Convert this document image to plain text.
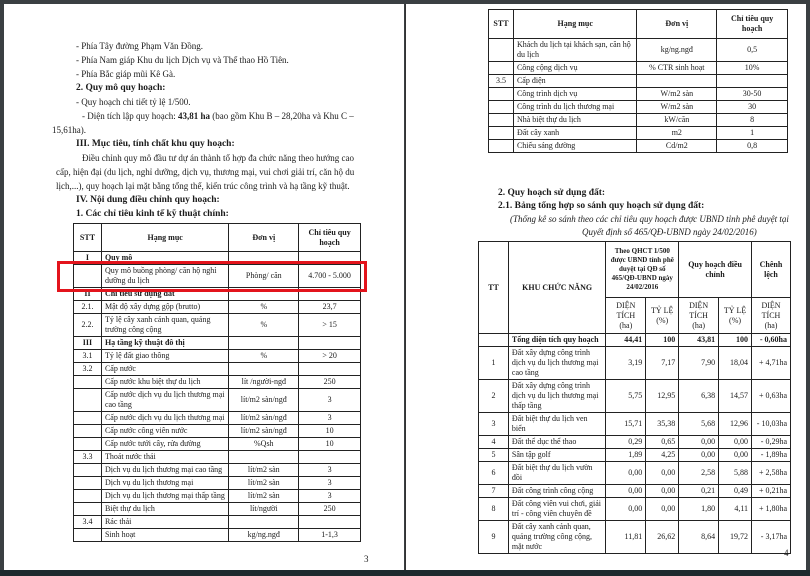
- Phía Tây đường Phạm Văn Đồng.
- Phía Nam giáp Khu du lịch Dịch vụ và Thể thao Hồ Tiên.
- Phía Bắc giáp mũi Kê Gà.
2. Quy mô quy hoạch:
- Quy hoạch chi tiết tỷ lệ 1/500.
- Diện tích lập quy hoạch: 43,81 ha (bao gồm Khu B – 28,20ha và Khu C –
15,61ha).
III. Mục tiêu, tính chất khu quy hoạch:
Điều chỉnh quy mô đầu tư dự án thành tổ hợp đa chức năng theo hướng cao
cấp, hiện đại (du lịch, nghỉ dưỡng, dịch vụ, thương mại, vui chơi giải trí, căn hộ du
lịch,...), quy hoạch lại mặt bằng tổng thể, kiến trúc công trình và hạ tầng kỹ thuật.
IV. Nội dung điều chỉnh quy hoạch:
1. Các chỉ tiêu kinh tế kỹ thuật chính:
STT	Hạng mục	Đơn vị	Chỉ tiêu quy hoạch
I	Quy mô		
	Quy mô buồng phòng/ căn hộ nghỉ dưỡng du lịch	Phòng/ căn	4.700 - 5.000
II	Chỉ tiêu sử dụng đất		
2.1.	Mật độ xây dựng gộp (brutto)	%	23,7
2.2.	Tỷ lệ cây xanh cảnh quan, quảng trường công cộng	%	> 15
III	Hạ tầng kỹ thuật đô thị		
3.1	Tỷ lệ đất giao thông	%	> 20
3.2	Cấp nước		
	Cấp nước khu biệt thự du lịch	lít /người-ngđ	250
	Cấp nước dịch vụ du lịch thương mại cao tầng	lít/m2 sàn/ngđ	3
	Cấp nước dịch vụ du lịch thương mại	lít/m2 sàn/ngđ	3
	Cấp nước công viên nước	lít/m2 sàn/ngđ	10
	Cấp nước tưới cây, rửa đường	%Qsh	10
3.3	Thoát nước thải		
	Dịch vụ du lịch thương mại cao tầng	lít/m2 sàn	3
	Dịch vụ du lịch thương mại	lít/m2 sàn	3
	Dịch vụ du lịch thương mại thấp tầng	lít/m2 sàn	3
	Biệt thự du lịch	lít/người	250
3.4	Rác thải		
	Sinh hoạt	kg/ng.ngđ	1-1,3
3
STT	Hạng mục	Đơn vị	Chỉ tiêu quy hoạch
	Khách du lịch tại khách sạn, căn hộ du lịch	kg/ng.ngđ	0,5
	Công cộng dịch vụ	% CTR sinh hoạt	10%
3.5	Cấp điện		
	Công trình dịch vụ	W/m2 sàn	30-50
	Công trình du lịch thương mại	W/m2 sàn	30
	Nhà biệt thự du lịch	kW/căn	8
	Đất cây xanh	m2	1
	Chiếu sáng đường	Cd/m2	0,8
2. Quy hoạch sử dụng đất:
2.1. Bảng tổng hợp so sánh quy hoạch sử dụng đất:
(Thống kê so sánh theo các chỉ tiêu quy hoạch được UBND tỉnh phê duyệt tại
Quyết định số 465/QĐ-UBND ngày 24/02/2016)
TT	KHU CHỨC NĂNG	Theo QHCT 1/500 được UBND tỉnh phê duyệt tại QĐ số 465/QĐ-UBND ngày 24/02/2016		Quy hoạch điều chỉnh		Chênh lệch
		DIỆN TÍCH (ha)	TỶ LỆ (%)	DIỆN TÍCH (ha)	TỶ LỆ (%)	DIỆN TÍCH (ha)
	Tổng diện tích quy hoạch	44,41	100	43,81	100	- 0,60ha
1	Đất xây dựng công trình dịch vụ du lịch thương mại cao tầng	3,19	7,17	7,90	18,04	+ 4,71ha
2	Đất xây dựng công trình dịch vụ du lịch thương mại thấp tầng	5,75	12,95	6,38	14,57	+ 0,63ha
3	Đất biệt thự du lịch ven biển	15,71	35,38	5,68	12,96	- 10,03ha
4	Đất thể dục thể thao	0,29	0,65	0,00	0,00	- 0,29ha
5	Sân tập golf	1,89	4,25	0,00	0,00	- 1,89ha
6	Đất biệt thự du lịch vườn đồi	0,00	0,00	2,58	5,88	+ 2,58ha
7	Đất công trình công cộng	0,00	0,00	0,21	0,49	+ 0,21ha
8	Đất công viên vui chơi, giải trí - công viên chuyên đề	0,00	0,00	1,80	4,11	+ 1,80ha
9	Đất cây xanh cảnh quan, quảng trường công cộng, mặt nước	11,81	26,62	8,64	19,72	- 3,17ha
4
